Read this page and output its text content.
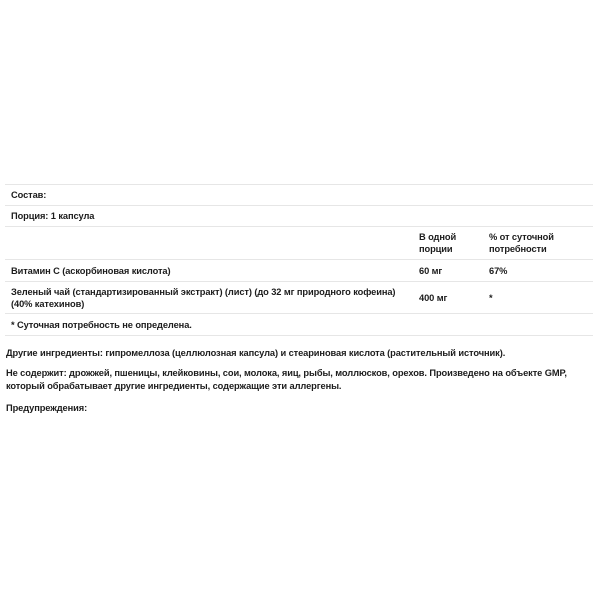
Состав:		
Порция: 1 капсула		
	В одной порции	% от суточной потребности
Витамин C (аскорбиновая кислота)	60 мг	67%
Зеленый чай (стандартизированный экстракт) (лист) (до 32 мг природного кофеина) (40% катехинов)	400 мг	*
* Суточная потребность не определена.		

Другие ингредиенты: гипромеллоза (целлюлозная капсула) и стеариновая кислота (растительный источник).

Не содержит: дрожжей, пшеницы, клейковины, сои, молока, яиц, рыбы, моллюсков, орехов. Произведено на объекте GMP, который обрабатывает другие ингредиенты, содержащие эти аллергены.

Предупреждения:
